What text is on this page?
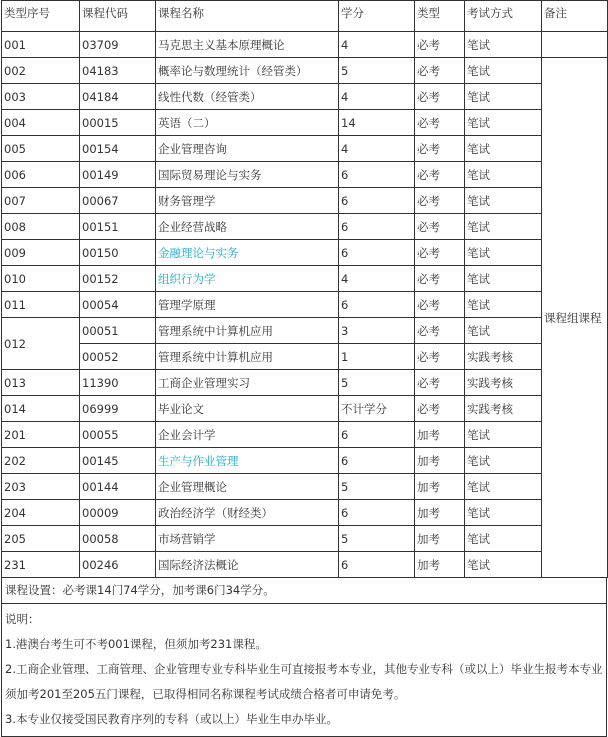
类型序号	课程代码	课程名称	学分	类型	考试方式	备注	
001	03709	马克思主义基本原理概论	4	必考	笔试		
002	04183	概率论与数理统计（经管类）	5	必考	笔试	课程组课程	
003	04184	线性代数（经管类）	4	必考	笔试		
004	00015	英语（二）	14	必考	笔试		
005	00154	企业管理咨询	4	必考	笔试		
006	00149	国际贸易理论与实务	6	必考	笔试		
007	00067	财务管理学	6	必考	笔试		
008	00151	企业经营战略	6	必考	笔试		
009	00150	金融理论与实务	6	必考	笔试		
010	00152	组织行为学	4	必考	笔试		
011	00054	管理学原理	6	必考	笔试		
012	00051	管理系统中计算机应用	3	必考	笔试		
	00052	管理系统中计算机应用	1	必考	实践考核		
013	11390	工商企业管理实习	5	必考	实践考核		
014	06999	毕业论文	不计学分	必考	实践考核		
201	00055	企业会计学	6	加考	笔试		
202	00145	生产与作业管理	6	加考	笔试		
203	00144	企业管理概论	5	加考	笔试		
204	00009	政治经济学（财经类）	6	加考	笔试		
205	00058	市场营销学	5	加考	笔试		
231	00246	国际经济法概论	6	加考	笔试		
课程设置：必考课14门74学分，加考课6门34学分。
说明：
1.港澳台考生可不考001课程，但须加考231课程。
2.工商企业管理、工商管理、企业管理专业专科毕业生可直接报考本专业，其他专业专科（或以上）毕业生报考本专业须加考201至205五门课程，已取得相同名称课程考试成绩合格者可申请免考。
3.本专业仅接受国民教育序列的专科（或以上）毕业生申办毕业。
